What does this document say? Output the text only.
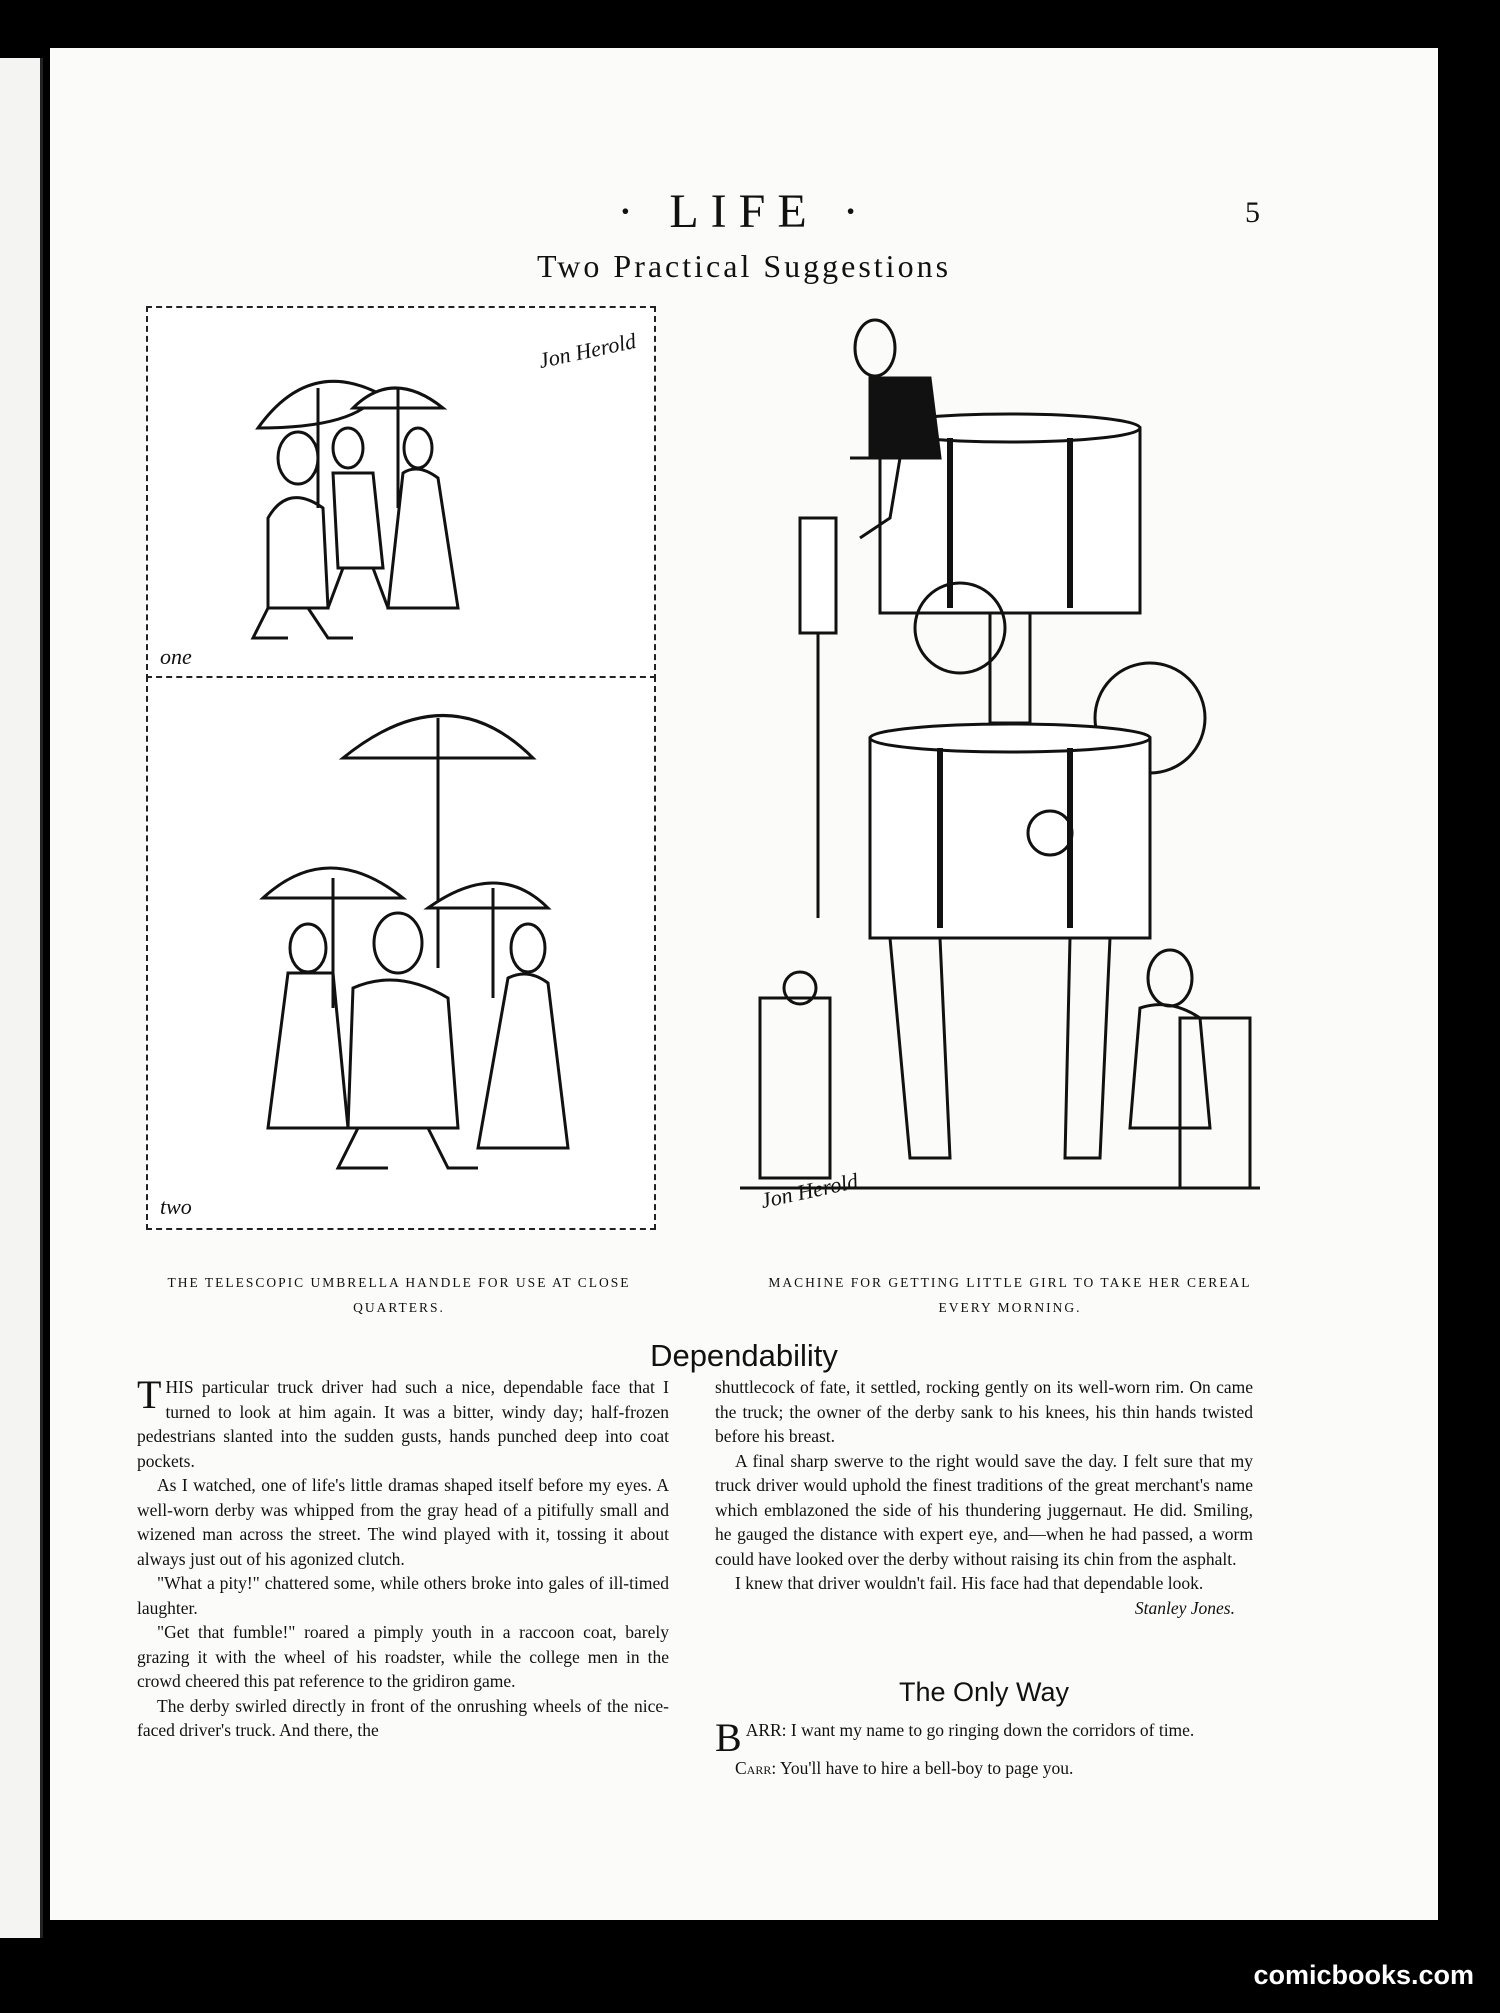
· LIFE ·	5
Two Practical Suggestions
Jon Herold
one
two	Jon Herold
THE TELESCOPIC UMBRELLA HANDLE FOR USE AT CLOSE QUARTERS.
MACHINE FOR GETTING LITTLE GIRL TO TAKE HER CEREAL EVERY MORNING.
Dependability

THIS particular truck driver had such a nice, dependable face that I turned to look at him again. It was a bitter, windy day; half-frozen pedestrians slanted into the sudden gusts, hands punched deep into coat pockets.

As I watched, one of life's little dramas shaped itself before my eyes. A well-worn derby was whipped from the gray head of a pitifully small and wizened man across the street. The wind played with it, tossing it about always just out of his agonized clutch.

"What a pity!" chattered some, while others broke into gales of ill-timed laughter.

"Get that fumble!" roared a pimply youth in a raccoon coat, barely grazing it with the wheel of his roadster, while the college men in the crowd cheered this pat reference to the gridiron game.

The derby swirled directly in front of the onrushing wheels of the nice-faced driver's truck. And there, the

shuttlecock of fate, it settled, rocking gently on its well-worn rim. On came the truck; the owner of the derby sank to his knees, his thin hands twisted before his breast.

A final sharp swerve to the right would save the day. I felt sure that my truck driver would uphold the finest traditions of the great merchant's name which emblazoned the side of his thundering juggernaut. He did. Smiling, he gauged the distance with expert eye, and—when he had passed, a worm could have looked over the derby without raising its chin from the asphalt.

I knew that driver wouldn't fail. His face had that dependable look.
Stanley Jones.

The Only Way

BARR: I want my name to go ringing down the corridors of time.

Carr: You'll have to hire a bell-boy to page you.

comicbooks.com
